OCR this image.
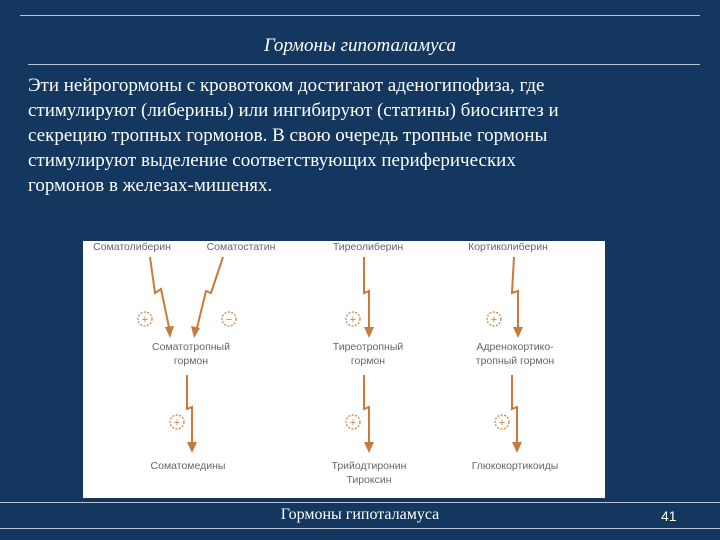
Гормоны гипоталамуса
Эти нейрогормоны с кровотоком достигают аденогипофиза, где
стимулируют (либерины) или ингибируют (статины) биосинтез и
секрецию тропных гормонов. В свою очередь тропные гормоны
стимулируют выделение соответствующих периферических
гормонов в железах-мишенях.
Соматолиберин	Соматостатин	Тиреолиберин	Кортиколиберин
+	−	+	+
Соматотропный
гормон
Тиреотропный
гормон
Адренокортико-
тропный гормон
+	+	+
Соматомедины	Трийодтиронин
Тироксин
Глюкокортикоиды
Гормоны гипоталамуса	41
